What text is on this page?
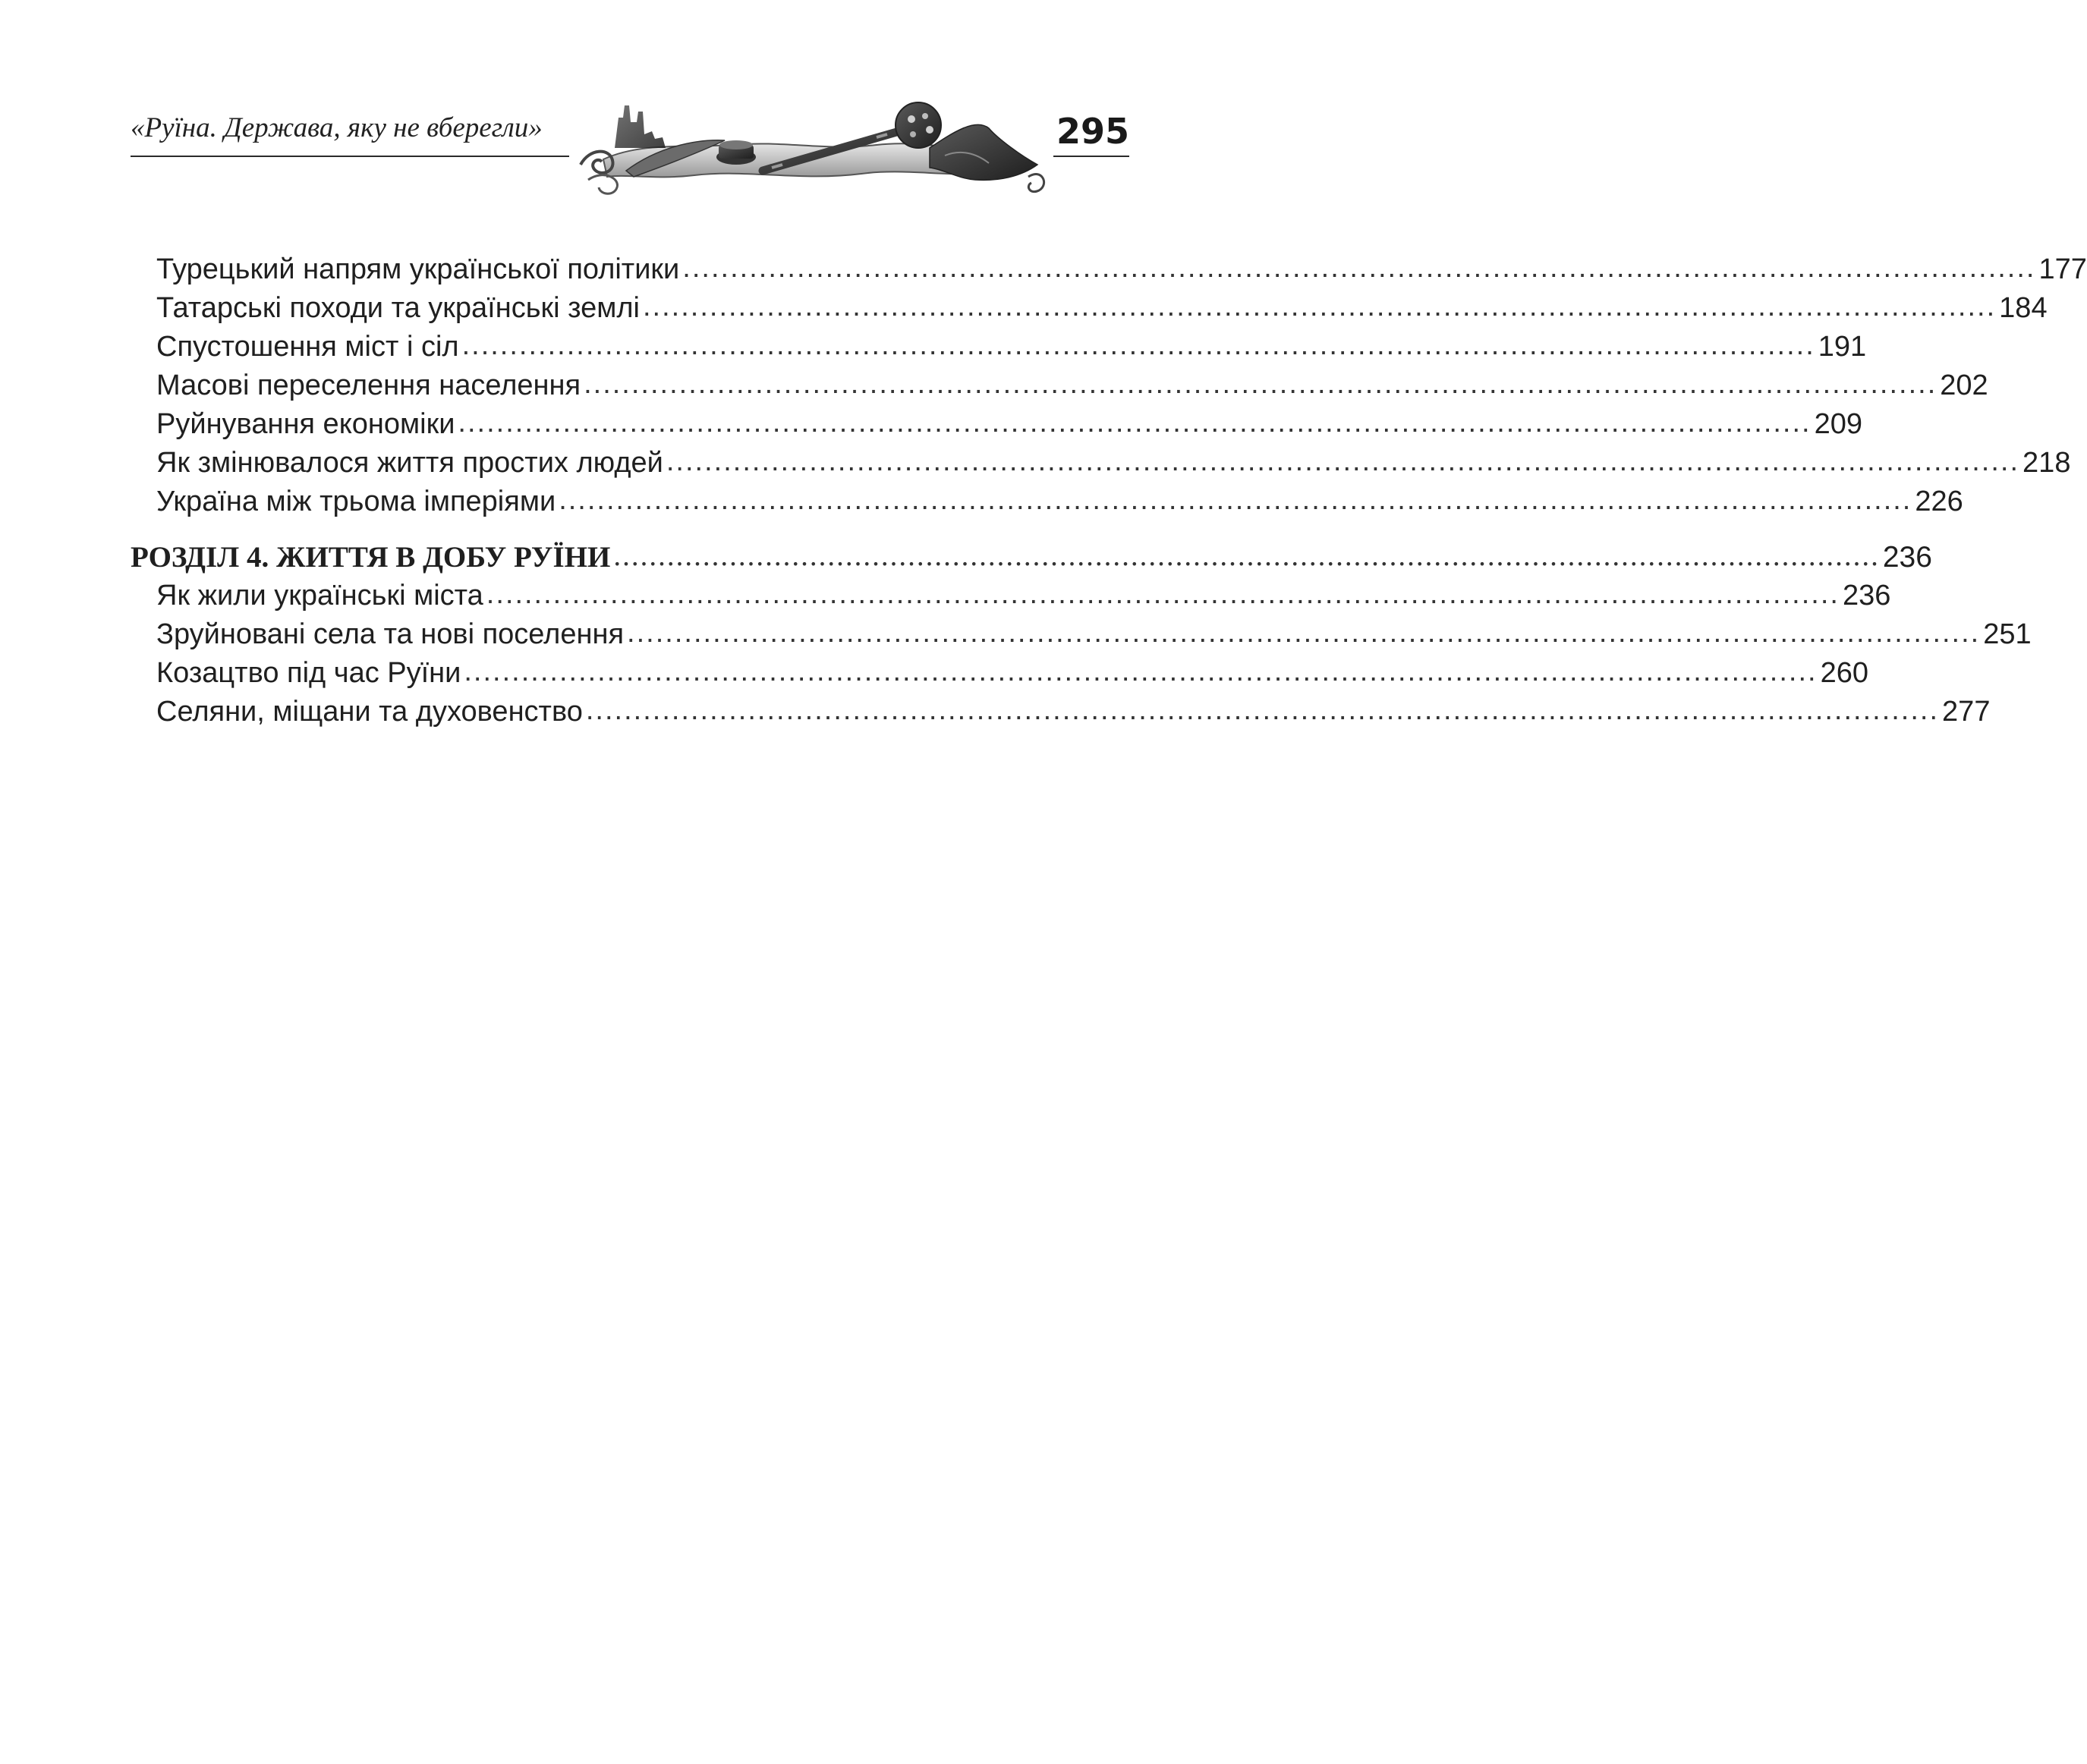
«Руїна. Держава, яку не вберегли»	295
Турецький напрям української політики .............................................................................................................................................. 177
Татарські походи та українські землі .............................................................................................................................................. 184
Спустошення міст і сіл .............................................................................................................................................. 191
Масові переселення населення .............................................................................................................................................. 202
Руйнування економіки .............................................................................................................................................. 209
Як змінювалося життя простих людей .............................................................................................................................................. 218
Україна між трьома імперіями .............................................................................................................................................. 226
РОЗДІЛ 4. ЖИТТЯ В ДОБУ РУЇНИ .............................................................................................................................................. 236
Як жили українські міста .............................................................................................................................................. 236
Зруйновані села та нові поселення .............................................................................................................................................. 251
Козацтво під час Руїни .............................................................................................................................................. 260
Селяни, міщани та духовенство .............................................................................................................................................. 277
